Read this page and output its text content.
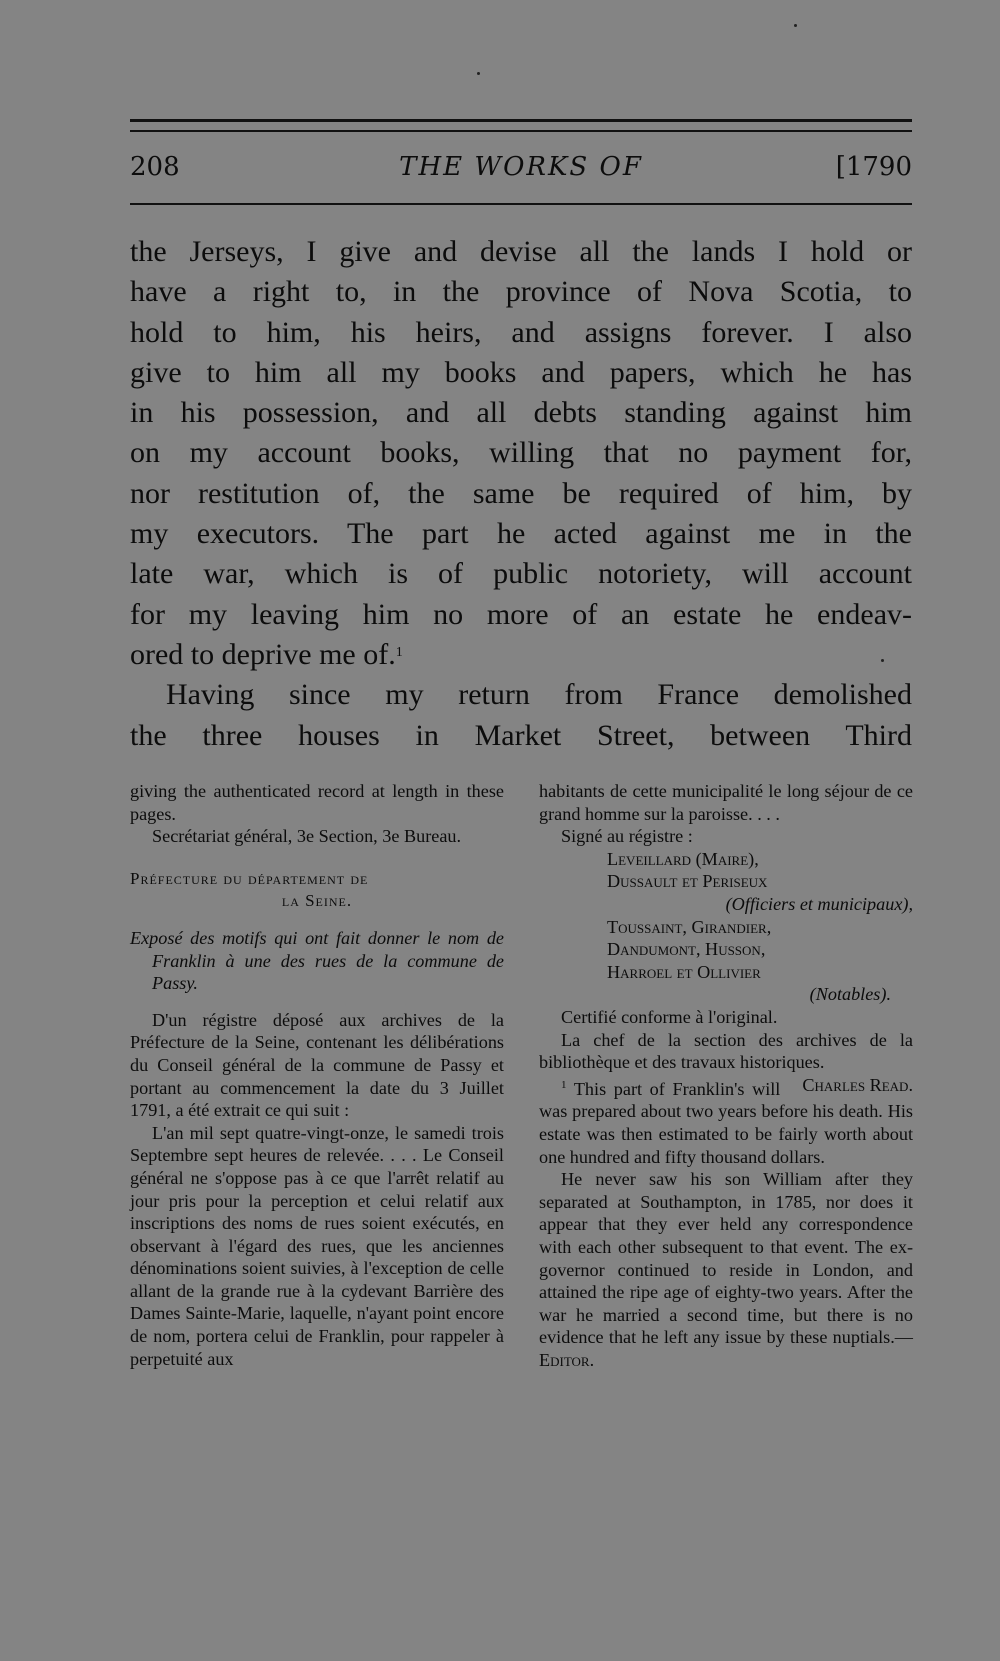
208	THE WORKS OF	[1790

the Jerseys, I give and devise all the lands I hold or
have a right to, in the province of Nova Scotia, to
hold to him, his heirs, and assigns forever. I also
give to him all my books and papers, which he has
in his possession, and all debts standing against him
on my account books, willing that no payment for,
nor restitution of, the same be required of him, by
my executors. The part he acted against me in the
late war, which is of public notoriety, will account
for my leaving him no more of an estate he endeav-
ored to deprive me of.$^1$

Having since my return from France demolished
the three houses in Market Street, between Third

giving the authenticated record at length in these pages.

Secrétariat général, 3e Section, 3e Bureau.

Préfecture du département de

la Seine.

Exposé des motifs qui ont fait donner le nom de Franklin à une des rues de la commune de Passy.

D'un régistre déposé aux archives de la Préfecture de la Seine, contenant les délibérations du Conseil général de la commune de Passy et portant au commencement la date du 3 Juillet 1791, a été extrait ce qui suit :

L'an mil sept quatre-vingt-onze, le samedi trois Septembre sept heures de relevée. . . . Le Conseil général ne s'oppose pas à ce que l'arrêt relatif au jour pris pour la perception et celui relatif aux inscriptions des noms de rues soient exécutés, en observant à l'égard des rues, que les anciennes dénominations soient suivies, à l'exception de celle allant de la grande rue à la cydevant Barrière des Dames Sainte-Marie, laquelle, n'ayant point encore de nom, portera celui de Franklin, pour rappeler à perpetuité aux

habitants de cette municipalité le long séjour de ce grand homme sur la paroisse. . . .

Signé au régistre :

Leveillard (Maire),

Dussault et Periseux

(Officiers et municipaux),

Toussaint, Girandier,

Dandumont, Husson,

Harroel et Ollivier

(Notables).

Certifié conforme à l'original.

La chef de la section des archives de la bibliothèque et des travaux historiques.
Charles Read.

$^1$ This part of Franklin's will was prepared about two years before his death. His estate was then estimated to be fairly worth about one hundred and fifty thousand dollars.

He never saw his son William after they separated at Southampton, in 1785, nor does it appear that they ever held any correspondence with each other subsequent to that event. The ex-governor continued to reside in London, and attained the ripe age of eighty-two years. After the war he married a second time, but there is no evidence that he left any issue by these nuptials.—Editor.
